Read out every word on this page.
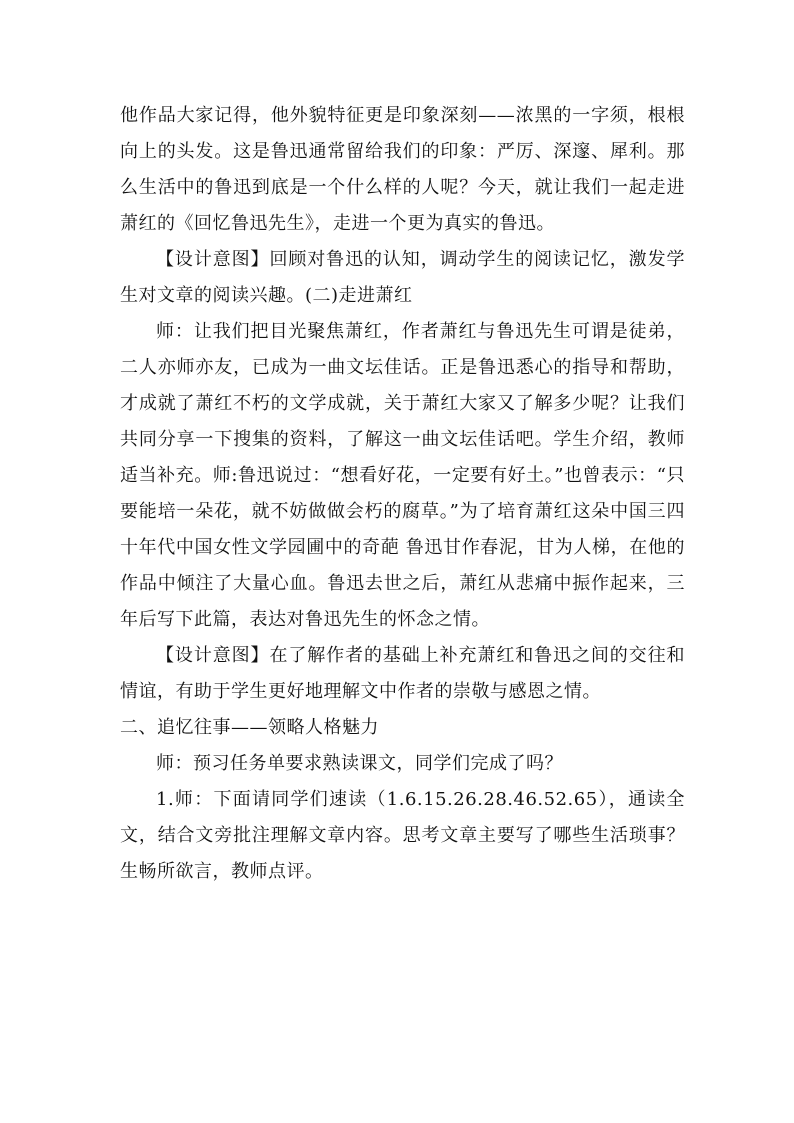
他作品大家记得，他外貌特征更是印象深刻——浓黑的一字须，根根向上的头发。这是鲁迅通常留给我们的印象：严厉、深邃、犀利。那么生活中的鲁迅到底是一个什么样的人呢？今天，就让我们一起走进萧红的《回忆鲁迅先生》，走进一个更为真实的鲁迅。

【设计意图】回顾对鲁迅的认知，调动学生的阅读记忆，激发学生对文章的阅读兴趣。(二)走进萧红

师：让我们把目光聚焦萧红，作者萧红与鲁迅先生可谓是徒弟，二人亦师亦友，已成为一曲文坛佳话。正是鲁迅悉心的指导和帮助，才成就了萧红不朽的文学成就，关于萧红大家又了解多少呢？让我们共同分享一下搜集的资料，了解这一曲文坛佳话吧。学生介绍，教师适当补充。师:鲁迅说过：“想看好花，一定要有好土。”也曾表示：“只要能培一朵花，就不妨做做会朽的腐草。”为了培育萧红这朵中国三四十年代中国女性文学园圃中的奇葩 鲁迅甘作春泥，甘为人梯，在他的作品中倾注了大量心血。鲁迅去世之后，萧红从悲痛中振作起来，三年后写下此篇，表达对鲁迅先生的怀念之情。

【设计意图】在了解作者的基础上补充萧红和鲁迅之间的交往和情谊，有助于学生更好地理解文中作者的崇敬与感恩之情。

二、追忆往事——领略人格魅力

师：预习任务单要求熟读课文，同学们完成了吗？

1.师：下面请同学们速读（1.6.15.26.28.46.52.65），通读全文，结合文旁批注理解文章内容。思考文章主要写了哪些生活琐事？生畅所欲言，教师点评。
